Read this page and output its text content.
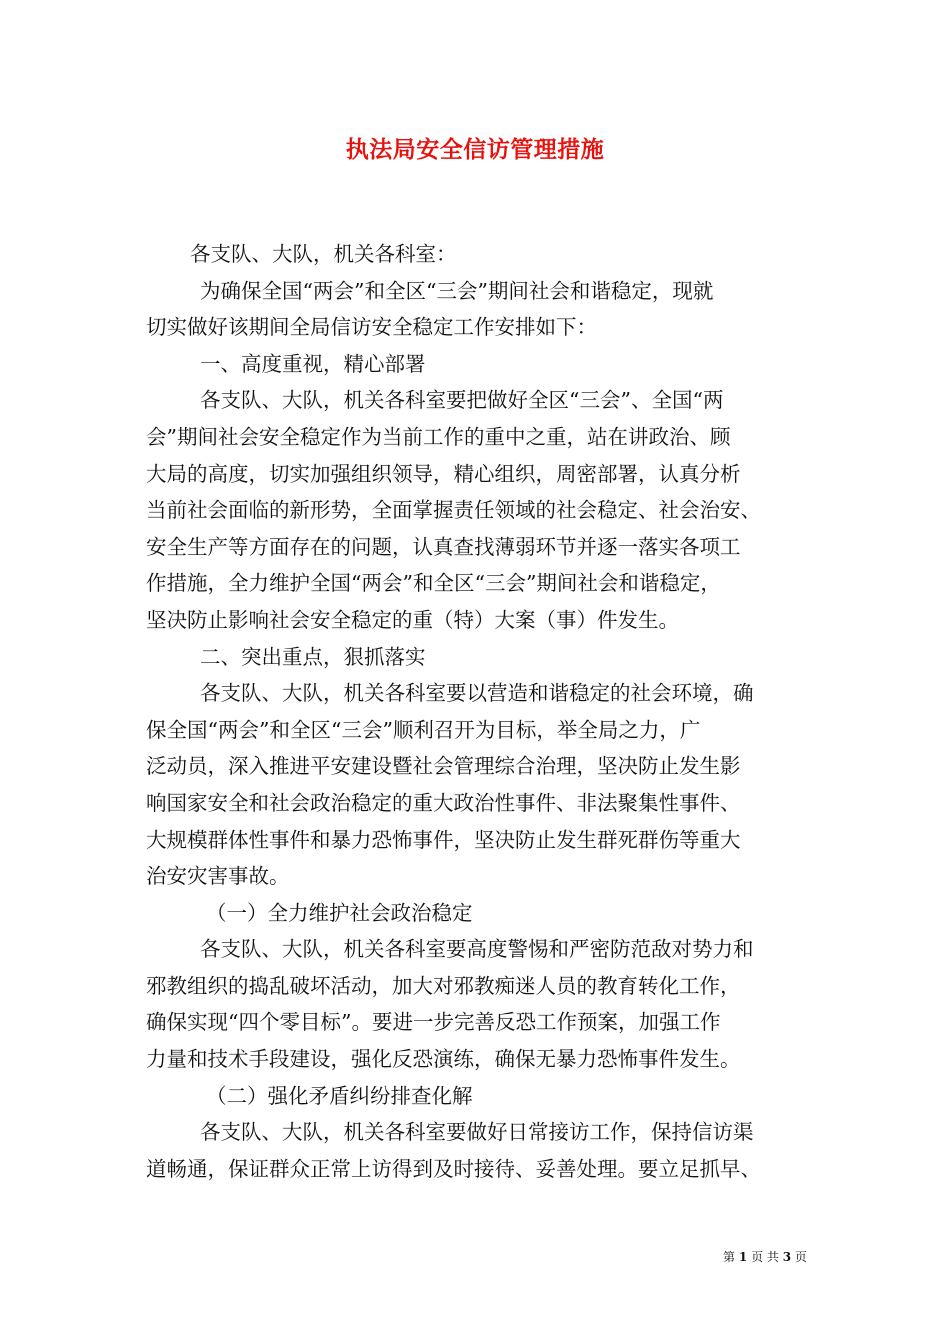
执法局安全信访管理措施
各支队、大队，机关各科室：
为确保全国“两会”和全区“三会”期间社会和谐稳定，现就
切实做好该期间全局信访安全稳定工作安排如下：
一、高度重视，精心部署
各支队、大队，机关各科室要把做好全区“三会”、全国“两
会”期间社会安全稳定作为当前工作的重中之重，站在讲政治、顾
大局的高度，切实加强组织领导，精心组织，周密部署，认真分析
当前社会面临的新形势，全面掌握责任领域的社会稳定、社会治安、
安全生产等方面存在的问题，认真查找薄弱环节并逐一落实各项工
作措施，全力维护全国“两会”和全区“三会”期间社会和谐稳定，
坚决防止影响社会安全稳定的重（特）大案（事）件发生。
二、突出重点，狠抓落实
各支队、大队，机关各科室要以营造和谐稳定的社会环境，确
保全国“两会”和全区“三会”顺利召开为目标，举全局之力，广
泛动员，深入推进平安建设暨社会管理综合治理，坚决防止发生影
响国家安全和社会政治稳定的重大政治性事件、非法聚集性事件、
大规模群体性事件和暴力恐怖事件，坚决防止发生群死群伤等重大
治安灾害事故。
（一）全力维护社会政治稳定
各支队、大队，机关各科室要高度警惕和严密防范敌对势力和
邪教组织的捣乱破坏活动，加大对邪教痴迷人员的教育转化工作，
确保实现“四个零目标”。要进一步完善反恐工作预案，加强工作
力量和技术手段建设，强化反恐演练，确保无暴力恐怖事件发生。
（二）强化矛盾纠纷排查化解
各支队、大队，机关各科室要做好日常接访工作，保持信访渠
道畅通，保证群众正常上访得到及时接待、妥善处理。要立足抓早、
第 1 页 共 3 页
